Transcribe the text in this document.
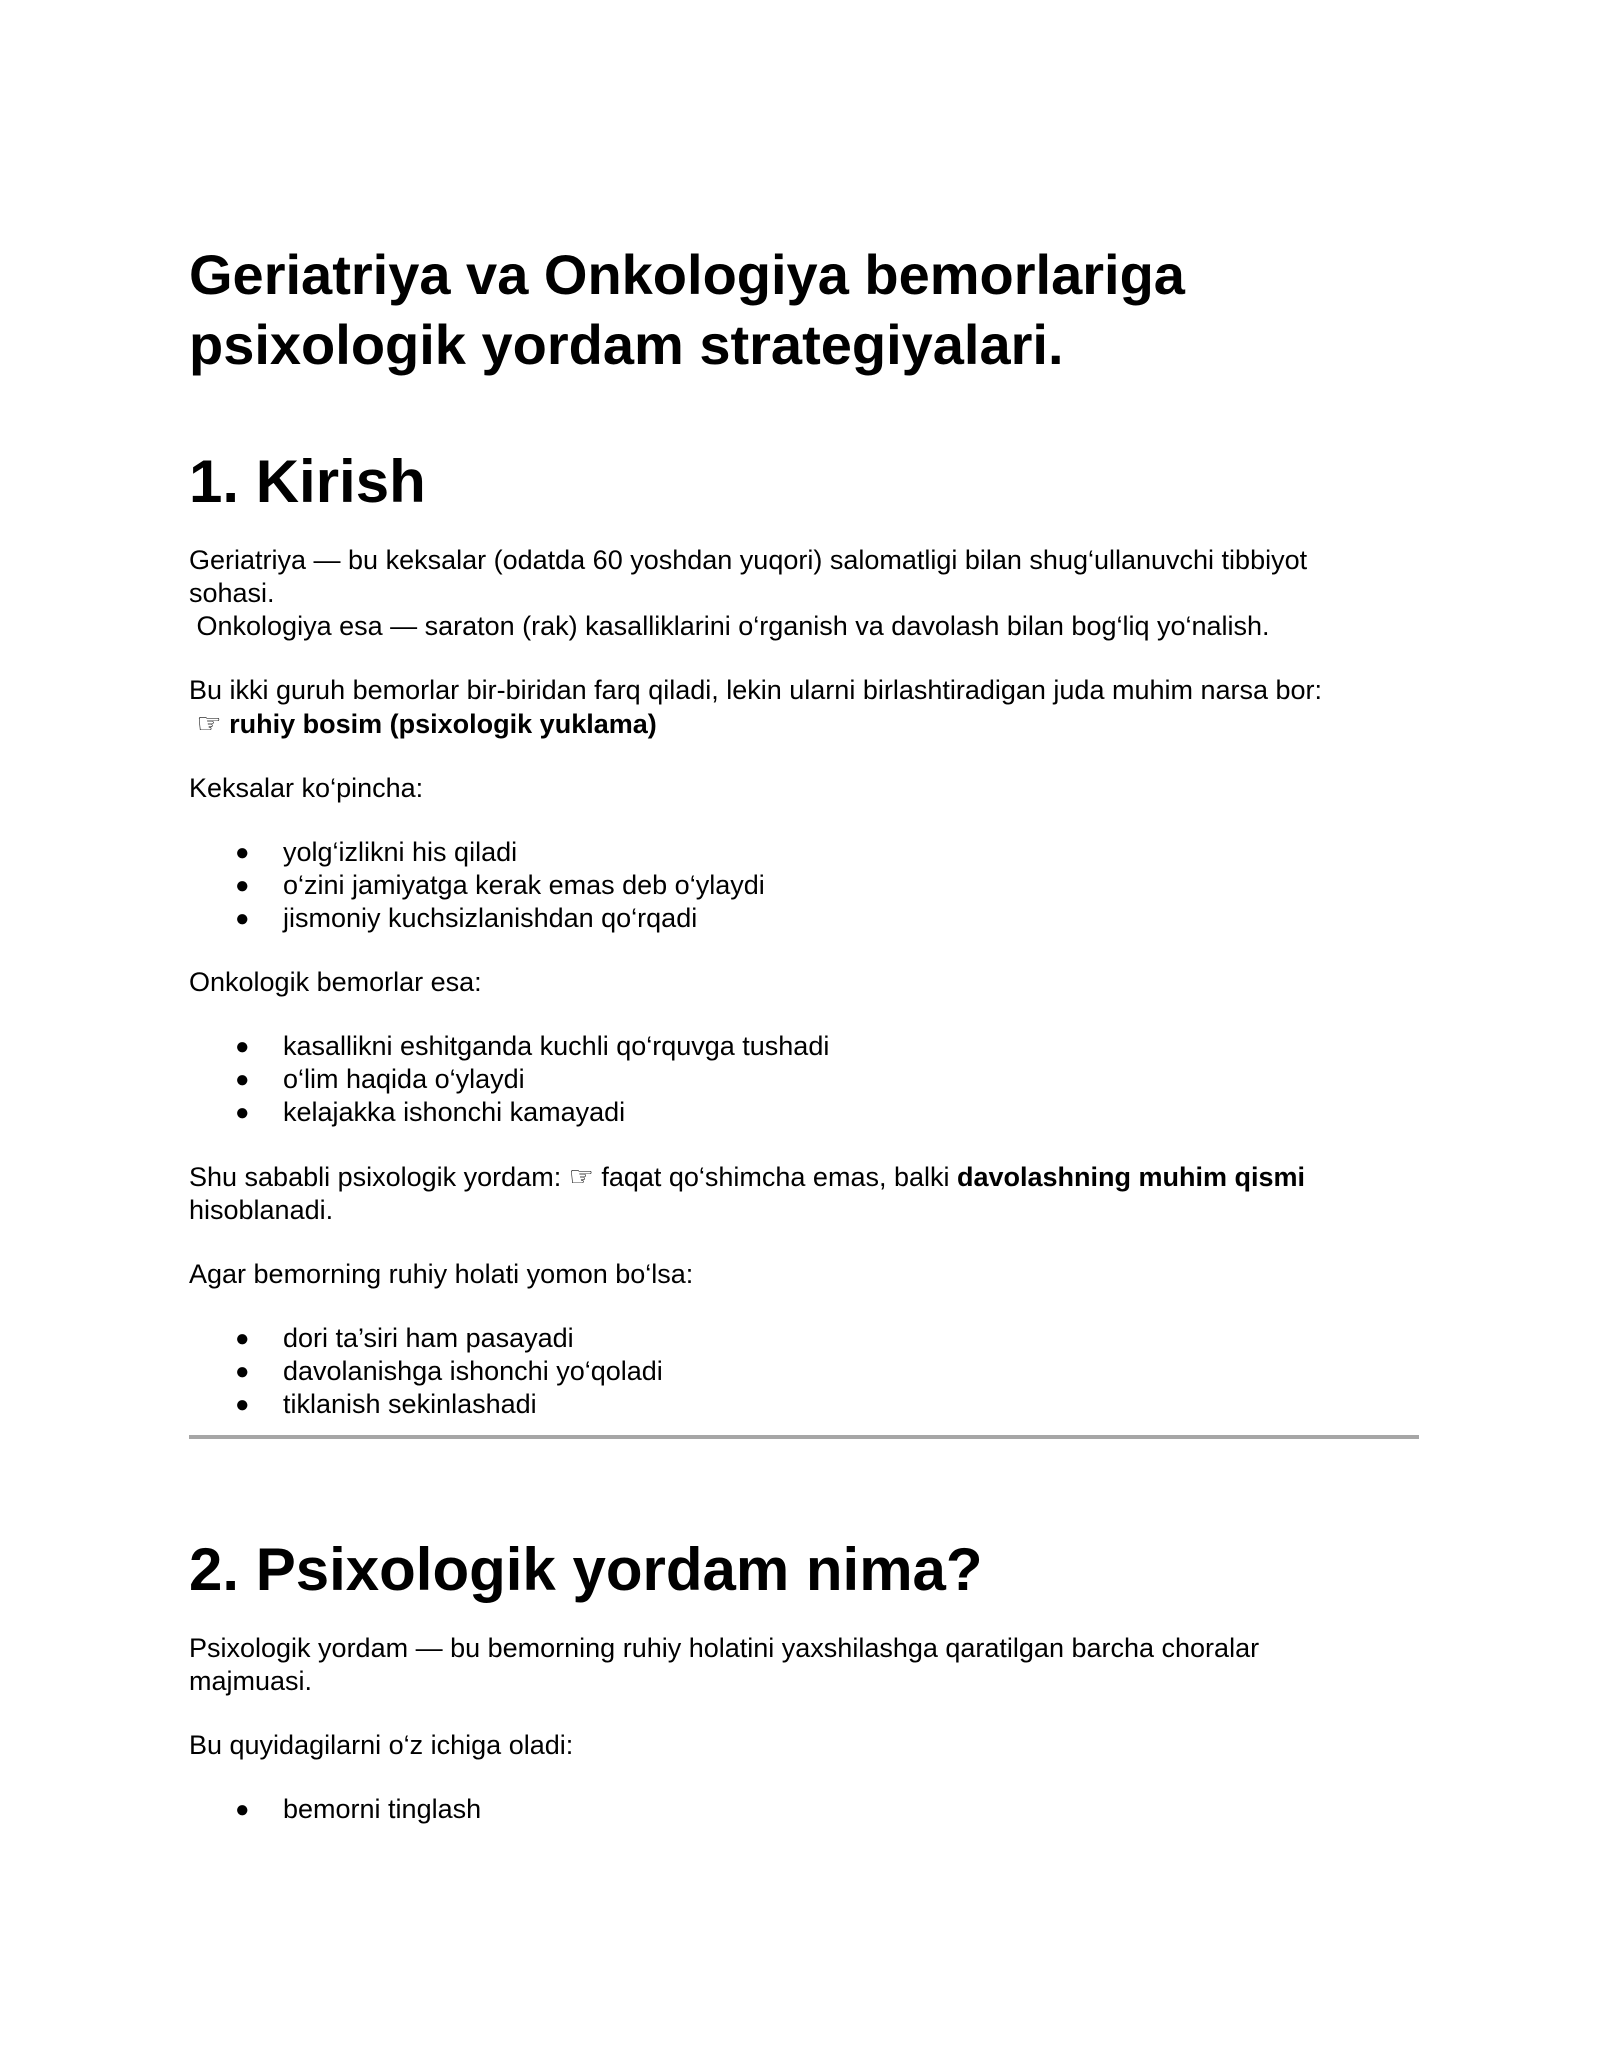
Geriatriya va Onkologiya bemorlariga
psixologik yordam strategiyalari.
1. Kirish

Geriatriya — bu keksalar (odatda 60 yoshdan yuqori) salomatligi bilan shug‘ullanuvchi tibbiyot
sohasi.
Onkologiya esa — saraton (rak) kasalliklarini o‘rganish va davolash bilan bog‘liq yo‘nalish.

Bu ikki guruh bemorlar bir-biridan farq qiladi, lekin ularni birlashtiradigan juda muhim narsa bor:
☞ ruhiy bosim (psixologik yuklama)

Keksalar ko‘pincha:

● yolg‘izlikni his qiladi
● o‘zini jamiyatga kerak emas deb o‘ylaydi
● jismoniy kuchsizlanishdan qo‘rqadi

Onkologik bemorlar esa:

● kasallikni eshitganda kuchli qo‘rquvga tushadi
● o‘lim haqida o‘ylaydi
● kelajakka ishonchi kamayadi

Shu sababli psixologik yordam: ☞ faqat qo‘shimcha emas, balki davolashning muhim qismi
hisoblanadi.

Agar bemorning ruhiy holati yomon bo‘lsa:

● dori ta’siri ham pasayadi
● davolanishga ishonchi yo‘qoladi
● tiklanish sekinlashadi
2. Psixologik yordam nima?

Psixologik yordam — bu bemorning ruhiy holatini yaxshilashga qaratilgan barcha choralar
majmuasi.

Bu quyidagilarni o‘z ichiga oladi:

● bemorni tinglash
